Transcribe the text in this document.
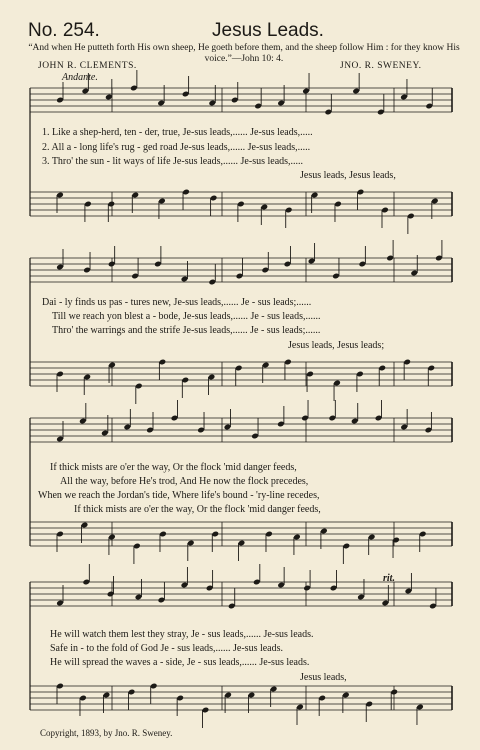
No. 254.	Jesus Leads.
“And when He putteth forth His own sheep, He goeth before them, and the sheep follow Him : for they know His voice.”—John 10: 4.
JOHN R. CLEMENTS.	JNO. R. SWENEY.
Andante.
1. Like a shep-herd, ten - der, true, Je-sus leads,...... Je-sus leads,.....
2. All a - long life's rug - ged road Je-sus leads,...... Je-sus leads,.....
3. Thro' the sun - lit ways of life Je-sus leads,...... Je-sus leads,.....
Jesus leads, Jesus leads,
Dai - ly finds us pas - tures new, Je-sus leads,...... Je - sus leads;......
Till we reach yon blest a - bode, Je-sus leads,...... Je - sus leads,......
Thro' the warrings and the strife Je-sus leads,...... Je - sus leads;......
Jesus leads, Jesus leads;
If thick mists are o'er the way, Or the flock 'mid danger feeds,
All the way, before He's trod, And He now the flock precedes,
When we reach the Jordan's tide, Where life's bound - 'ry-line recedes,
If thick mists are o'er the way, Or the flock 'mid danger feeds,
rit.
He will watch them lest they stray, Je - sus leads,...... Je-sus leads.
Safe in - to the fold of God Je - sus leads,...... Je-sus leads.
He will spread the waves a - side, Je - sus leads,...... Je-sus leads.
Jesus leads,
Copyright, 1893, by Jno. R. Sweney.
